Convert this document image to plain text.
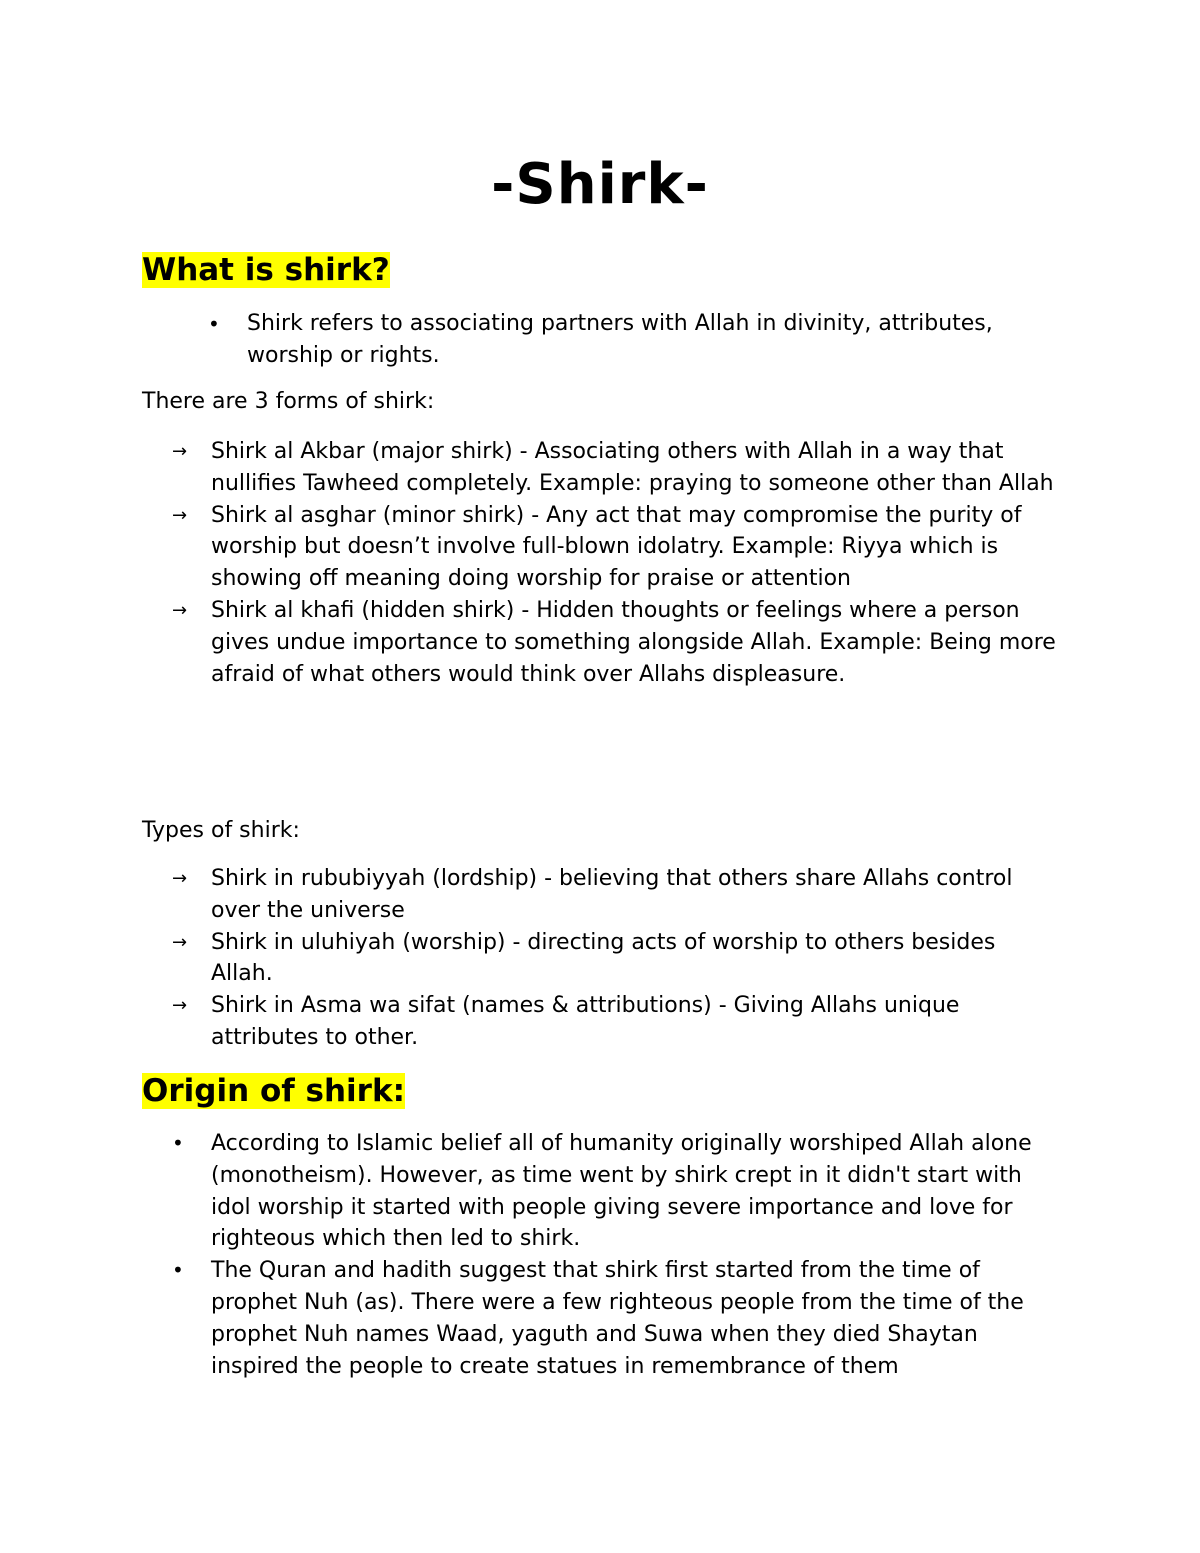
-Shirk-
What is shirk?
• Shirk refers to associating partners with Allah in divinity, attributes, worship or rights.
There are 3 forms of shirk:
→ Shirk al Akbar (major shirk) - Associating others with Allah in a way that nullifies Tawheed completely. Example: praying to someone other than Allah
→ Shirk al asghar (minor shirk) - Any act that may compromise the purity of worship but doesn’t involve full-blown idolatry. Example: Riyya which is showing off meaning doing worship for praise or attention
→ Shirk al khafi (hidden shirk) - Hidden thoughts or feelings where a person gives undue importance to something alongside Allah. Example: Being more afraid of what others would think over Allahs displeasure.
Types of shirk:
→ Shirk in rububiyyah (lordship) - believing that others share Allahs control over the universe
→ Shirk in uluhiyah (worship) - directing acts of worship to others besides Allah.
→ Shirk in Asma wa sifat (names & attributions) - Giving Allahs unique attributes to other.
Origin of shirk:
• According to Islamic belief all of humanity originally worshiped Allah alone (monotheism). However, as time went by shirk crept in it didn't start with idol worship it started with people giving severe importance and love for righteous which then led to shirk.
• The Quran and hadith suggest that shirk first started from the time of prophet Nuh (as). There were a few righteous people from the time of the prophet Nuh names Waad, yaguth and Suwa when they died Shaytan inspired the people to create statues in remembrance of them
